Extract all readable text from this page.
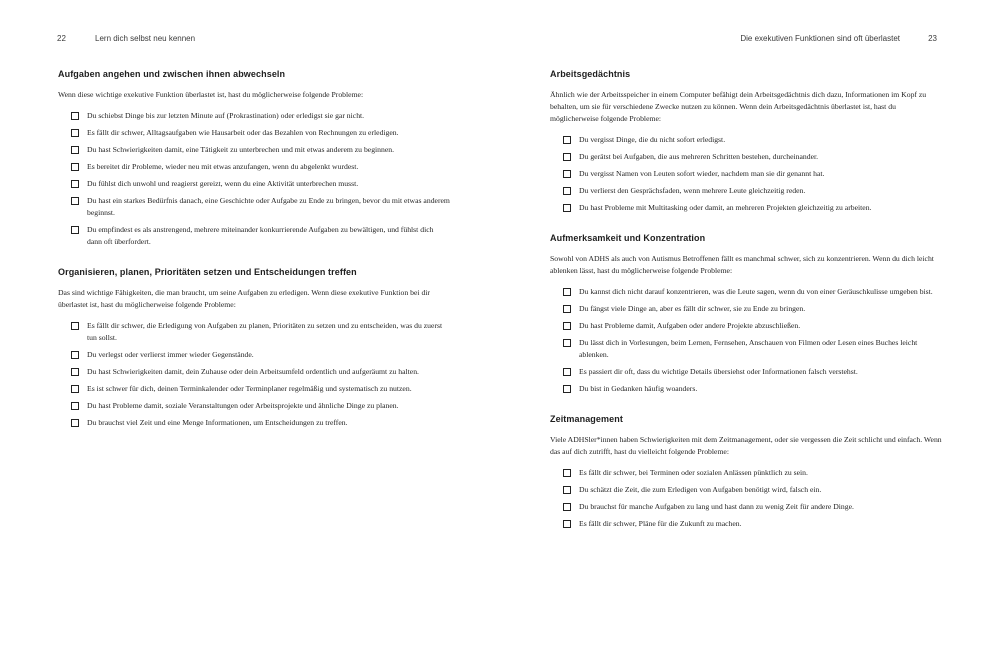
22	Lern dich selbst neu kennen
Aufgaben angehen und zwischen ihnen abwechseln

Wenn diese wichtige exekutive Funktion überlastet ist, hast du möglicherweise folgende Probleme:

Du schiebst Dinge bis zur letzten Minute auf (Prokrastination) oder erledigst sie gar nicht.
Es fällt dir schwer, Alltagsaufgaben wie Hausarbeit oder das Bezahlen von Rechnungen zu erledigen.
Du hast Schwierigkeiten damit, eine Tätigkeit zu unterbrechen und mit etwas anderem zu beginnen.
Es bereitet dir Probleme, wieder neu mit etwas anzufangen, wenn du abgelenkt wurdest.
Du fühlst dich unwohl und reagierst gereizt, wenn du eine Aktivität unterbrechen musst.
Du hast ein starkes Bedürfnis danach, eine Geschichte oder Aufgabe zu Ende zu bringen, bevor du mit etwas anderem beginnst.
Du empfindest es als anstrengend, mehrere miteinander konkurrierende Aufgaben zu bewältigen, und fühlst dich dann oft überfordert.
Organisieren, planen, Prioritäten setzen und Entscheidungen treffen

Das sind wichtige Fähigkeiten, die man braucht, um seine Aufgaben zu erledigen. Wenn diese exekutive Funktion bei dir überlastet ist, hast du möglicherweise folgende Probleme:

Es fällt dir schwer, die Erledigung von Aufgaben zu planen, Prioritäten zu setzen und zu entscheiden, was du zuerst tun sollst.
Du verlegst oder verlierst immer wieder Gegenstände.
Du hast Schwierigkeiten damit, dein Zuhause oder dein Arbeitsumfeld ordentlich und aufgeräumt zu halten.
Es ist schwer für dich, deinen Terminkalender oder Terminplaner regelmäßig und systematisch zu nutzen.
Du hast Probleme damit, soziale Veranstaltungen oder Arbeitsprojekte und ähnliche Dinge zu planen.
Du brauchst viel Zeit und eine Menge Informationen, um Entscheidungen zu treffen.
Die exekutiven Funktionen sind oft überlastet	23
Arbeitsgedächtnis

Ähnlich wie der Arbeitsspeicher in einem Computer befähigt dein Arbeitsgedächtnis dich dazu, Informationen im Kopf zu behalten, um sie für verschiedene Zwecke nutzen zu können. Wenn dein Arbeitsgedächtnis überlastet ist, hast du möglicherweise folgende Probleme:

Du vergisst Dinge, die du nicht sofort erledigst.
Du gerätst bei Aufgaben, die aus mehreren Schritten bestehen, durcheinander.
Du vergisst Namen von Leuten sofort wieder, nachdem man sie dir genannt hat.
Du verlierst den Gesprächsfaden, wenn mehrere Leute gleichzeitig reden.
Du hast Probleme mit Multitasking oder damit, an mehreren Projekten gleichzeitig zu arbeiten.
Aufmerksamkeit und Konzentration

Sowohl von ADHS als auch von Autismus Betroffenen fällt es manchmal schwer, sich zu konzentrieren. Wenn du dich leicht ablenken lässt, hast du möglicherweise folgende Probleme:

Du kannst dich nicht darauf konzentrieren, was die Leute sagen, wenn du von einer Geräuschkulisse umgeben bist.
Du fängst viele Dinge an, aber es fällt dir schwer, sie zu Ende zu bringen.
Du hast Probleme damit, Aufgaben oder andere Projekte abzuschließen.
Du lässt dich in Vorlesungen, beim Lernen, Fernsehen, Anschauen von Filmen oder Lesen eines Buches leicht ablenken.
Es passiert dir oft, dass du wichtige Details übersiehst oder Informationen falsch verstehst.
Du bist in Gedanken häufig woanders.
Zeitmanagement

Viele ADHSler*innen haben Schwierigkeiten mit dem Zeitmanagement, oder sie vergessen die Zeit schlicht und einfach. Wenn das auf dich zutrifft, hast du vielleicht folgende Probleme:

Es fällt dir schwer, bei Terminen oder sozialen Anlässen pünktlich zu sein.
Du schätzt die Zeit, die zum Erledigen von Aufgaben benötigt wird, falsch ein.
Du brauchst für manche Aufgaben zu lang und hast dann zu wenig Zeit für andere Dinge.
Es fällt dir schwer, Pläne für die Zukunft zu machen.
